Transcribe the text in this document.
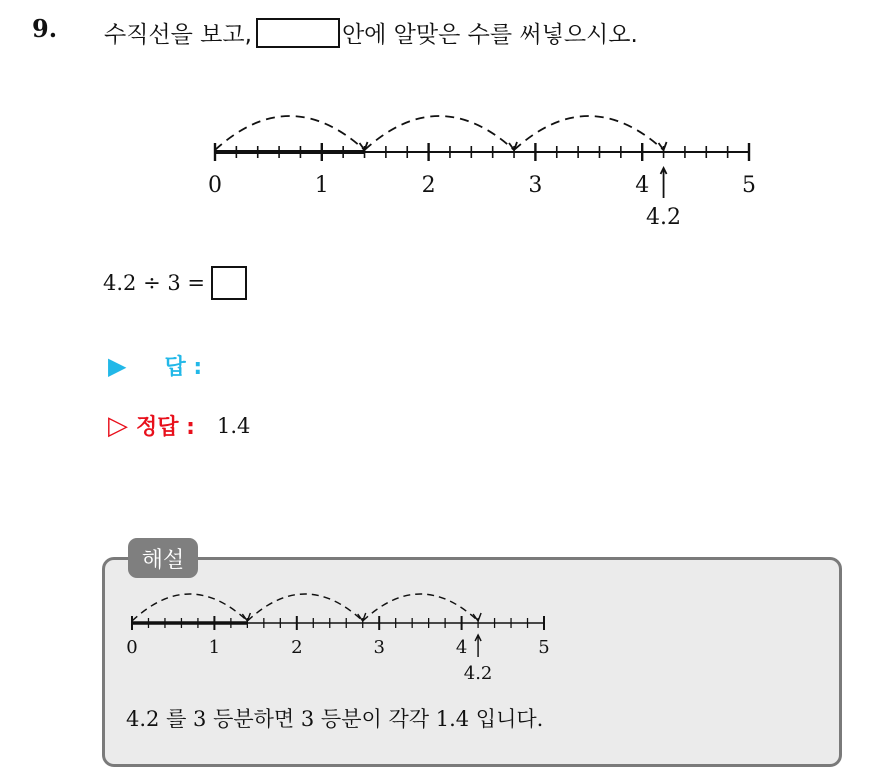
9. 수직선을 보고,	안에 알맞은 수를 써넣으시오.
0	1	2	3	4	5
4.2
4.2 ÷ 3 =
▶ 답 :
▷ 정답 : 1.4
해설
0	1	2	3	4	5
4.2
4.2 를 3 등분하면 3 등분이 각각 1.4 입니다.
